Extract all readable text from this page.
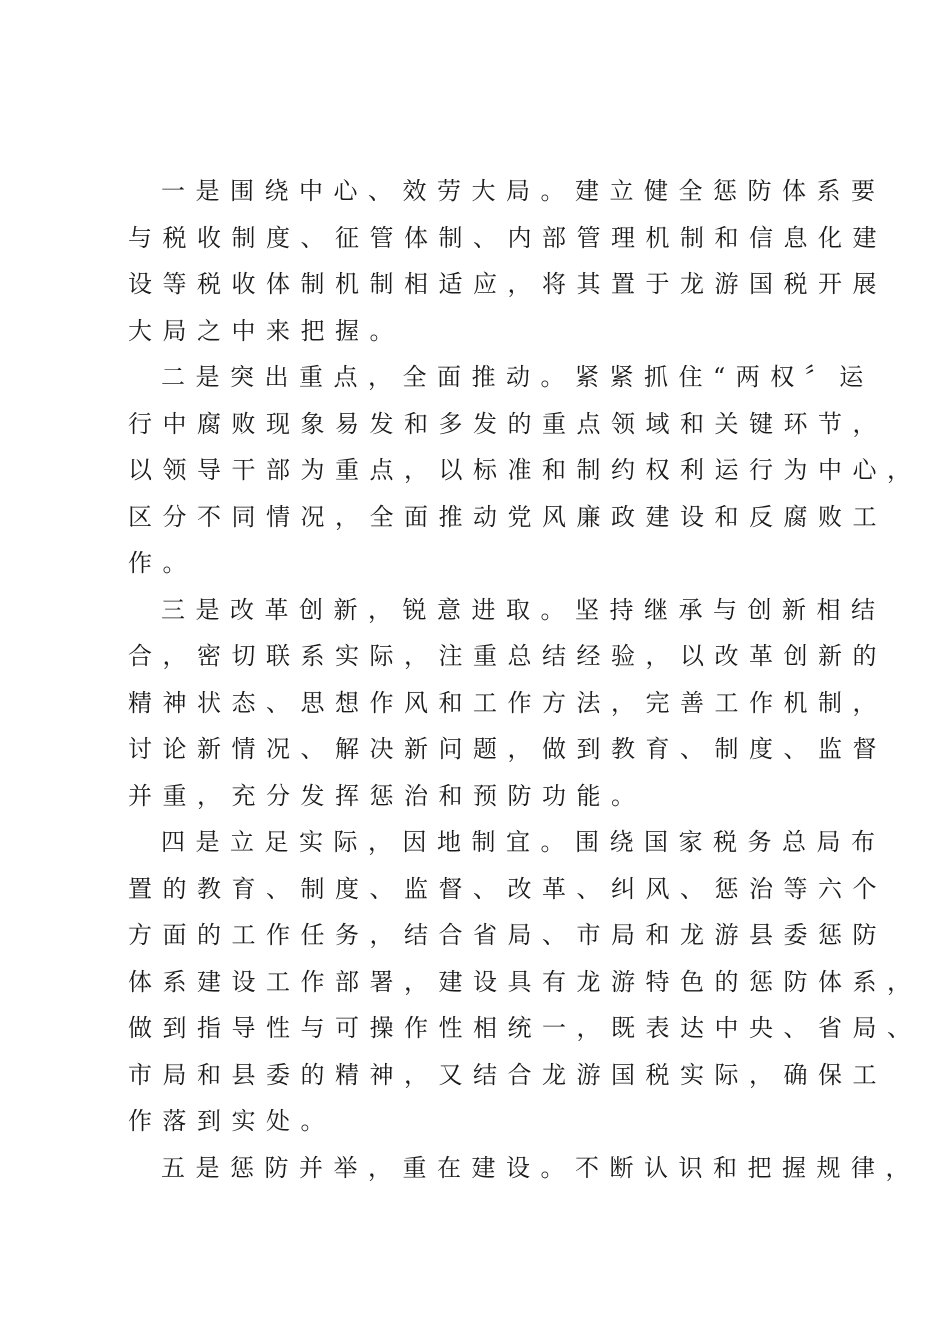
一是围绕中心、效劳大局。建立健全惩防体系要
与税收制度、征管体制、内部管理机制和信息化建
设等税收体制机制相适应，将其置于龙游国税开展
大局之中来把握。
二是突出重点，全面推动。紧紧抓住“两权〞运
行中腐败现象易发和多发的重点领域和关键环节，
以领导干部为重点，以标准和制约权利运行为中心，
区分不同情况，全面推动党风廉政建设和反腐败工
作。
三是改革创新，锐意进取。坚持继承与创新相结
合，密切联系实际，注重总结经验，以改革创新的
精神状态、思想作风和工作方法，完善工作机制，
讨论新情况、解决新问题，做到教育、制度、监督
并重，充分发挥惩治和预防功能。
四是立足实际，因地制宜。围绕国家税务总局布
置的教育、制度、监督、改革、纠风、惩治等六个
方面的工作任务，结合省局、市局和龙游县委惩防
体系建设工作部署，建设具有龙游特色的惩防体系，
做到指导性与可操作性相统一，既表达中央、省局、
市局和县委的精神，又结合龙游国税实际，确保工
作落到实处。
五是惩防并举，重在建设。不断认识和把握规律，
